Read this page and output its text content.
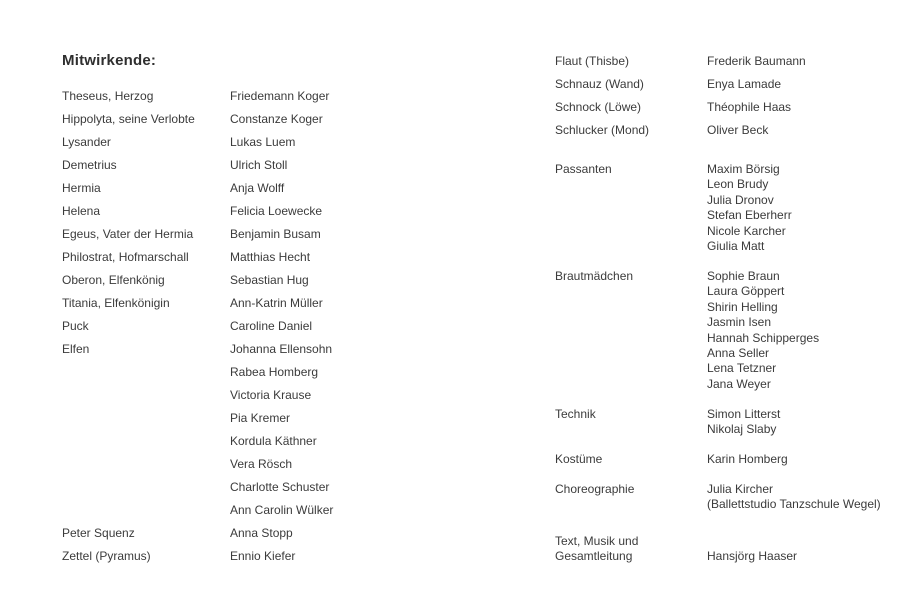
Mitwirkende:
Theseus, Herzog	Friedemann Koger
Hippolyta, seine Verlobte	Constanze Koger
Lysander	Lukas Luem
Demetrius	Ulrich Stoll
Hermia	Anja Wolff
Helena	Felicia Loewecke
Egeus, Vater der Hermia	Benjamin Busam
Philostrat, Hofmarschall	Matthias Hecht
Oberon, Elfenkönig	Sebastian Hug
Titania, Elfenkönigin	Ann-Katrin Müller
Puck	Caroline Daniel
Elfen	Johanna Ellensohn
Rabea Homberg
Victoria Krause
Pia Kremer
Kordula Käthner
Vera Rösch
Charlotte Schuster
Ann Carolin Wülker
Peter Squenz	Anna Stopp
Zettel (Pyramus)	Ennio Kiefer
Flaut (Thisbe)	Frederik Baumann
Schnauz (Wand)	Enya Lamade
Schnock (Löwe)	Théophile Haas
Schlucker (Mond)	Oliver Beck
Passanten	Maxim Börsig
Leon Brudy
Julia Dronov
Stefan Eberherr
Nicole Karcher
Giulia Matt
Brautmädchen	Sophie Braun
Laura Göppert
Shirin Helling
Jasmin Isen
Hannah Schipperges
Anna Seller
Lena Tetzner
Jana Weyer
Technik	Simon Litterst
Nikolaj Slaby
Kostüme	Karin Homberg
Choreographie	Julia Kircher
(Ballettstudio Tanzschule Wegel)
Text, Musik und
Gesamtleitung	Hansjörg Haaser
